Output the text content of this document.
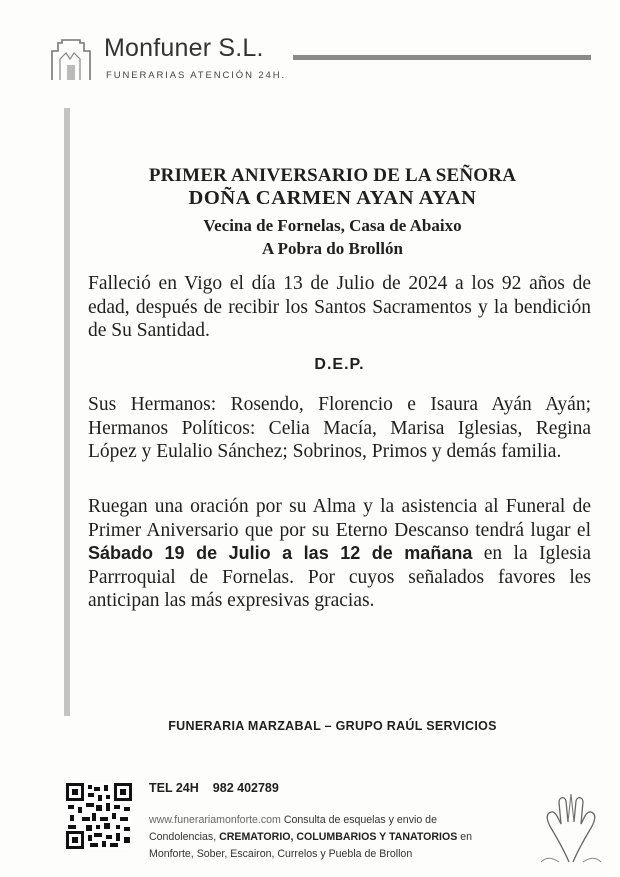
Monfuner S.L.
FUNERARIAS ATENCIÓN 24H.
PRIMER ANIVERSARIO DE LA SEÑORA
DOÑA CARMEN AYAN AYAN
Vecina de Fornelas, Casa de Abaixo
A Pobra do Brollón
Falleció en Vigo el día 13 de Julio de 2024 a los 92 años de edad, después de recibir los Santos Sacramentos y la bendición de Su Santidad.
D.E.P.
Sus Hermanos: Rosendo, Florencio e Isaura Ayán Ayán; Hermanos Políticos: Celia Macía, Marisa Iglesias, Regina López y Eulalio Sánchez; Sobrinos, Primos y demás familia.
Ruegan una oración por su Alma y la asistencia al Funeral de Primer Aniversario que por su Eterno Descanso tendrá lugar el Sábado 19 de Julio a las 12 de mañana en la Iglesia Parrroquial de Fornelas. Por cuyos señalados favores les anticipan las más expresivas gracias.
FUNERARIA MARZABAL – GRUPO RAÚL SERVICIOS
TEL 24H 982 402789
www.funerariamonforte.com Consulta de esquelas y envio de
Condolencias, CREMATORIO, COLUMBARIOS Y TANATORIOS en
Monforte, Sober, Escairon, Currelos y Puebla de Brollon
